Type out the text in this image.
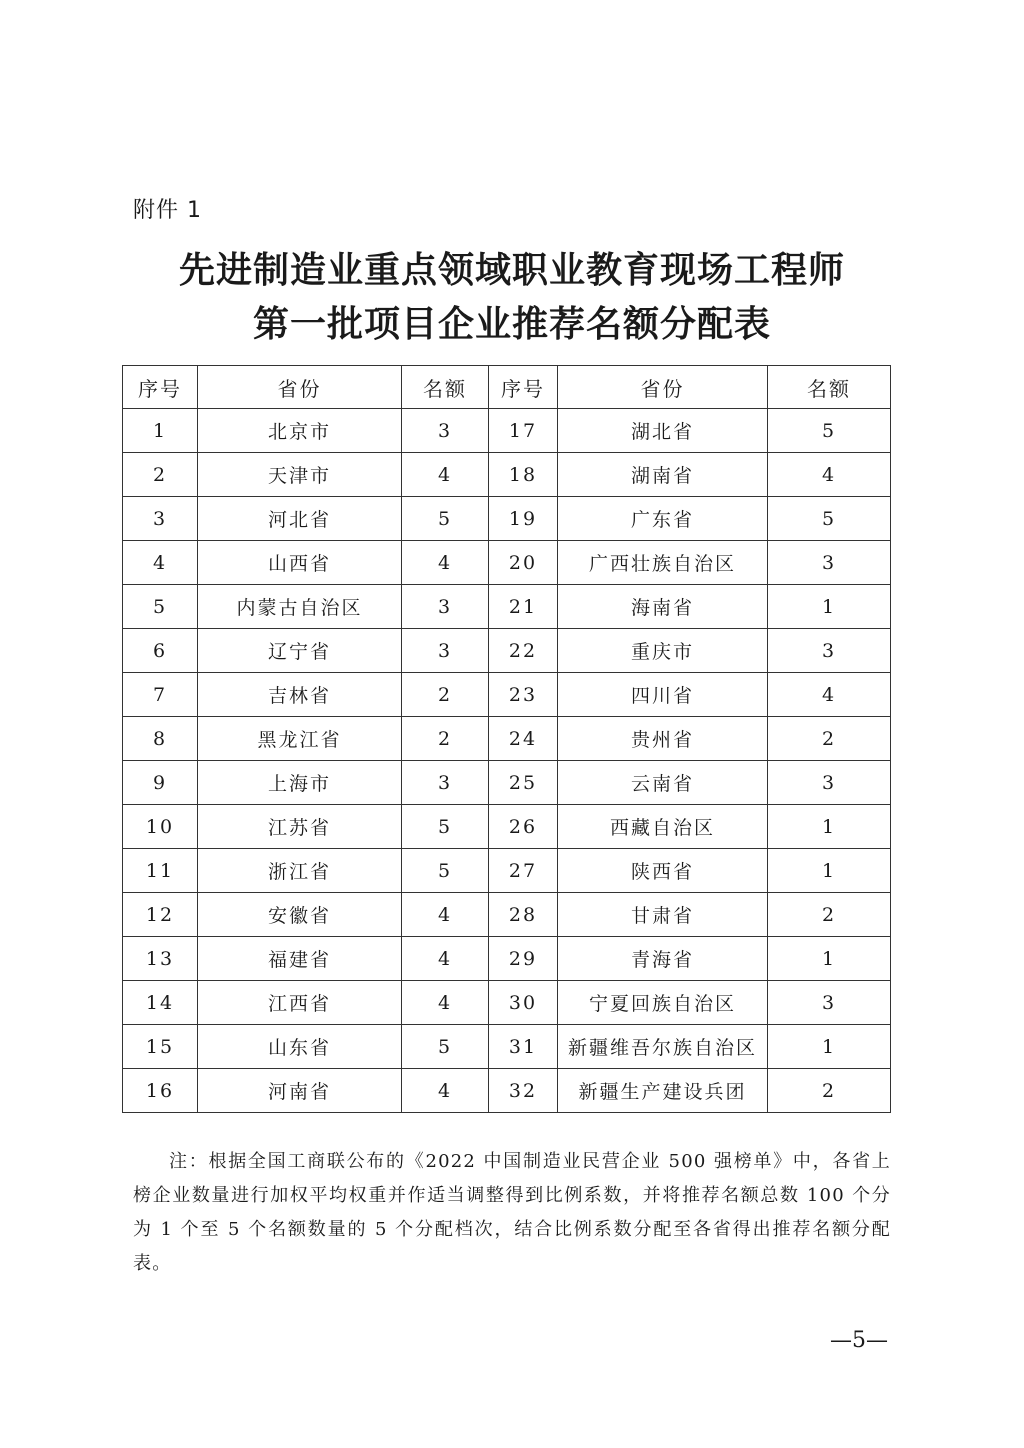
附件 1
先进制造业重点领域职业教育现场工程师
第一批项目企业推荐名额分配表
序号	省份	名额	序号	省份	名额
1	北京市	3	17	湖北省	5
2	天津市	4	18	湖南省	4
3	河北省	5	19	广东省	5
4	山西省	4	20	广西壮族自治区	3
5	内蒙古自治区	3	21	海南省	1
6	辽宁省	3	22	重庆市	3
7	吉林省	2	23	四川省	4
8	黑龙江省	2	24	贵州省	2
9	上海市	3	25	云南省	3
10	江苏省	5	26	西藏自治区	1
11	浙江省	5	27	陕西省	1
12	安徽省	4	28	甘肃省	2
13	福建省	4	29	青海省	1
14	江西省	4	30	宁夏回族自治区	3
15	山东省	5	31	新疆维吾尔族自治区	1
16	河南省	4	32	新疆生产建设兵团	2
注：根据全国工商联公布的《2022 中国制造业民营企业 500 强榜单》中，各省上榜企业数量进行加权平均权重并作适当调整得到比例系数，并将推荐名额总数 100 个分为 1 个至 5 个名额数量的 5 个分配档次，结合比例系数分配至各省得出推荐名额分配表。
—5—
